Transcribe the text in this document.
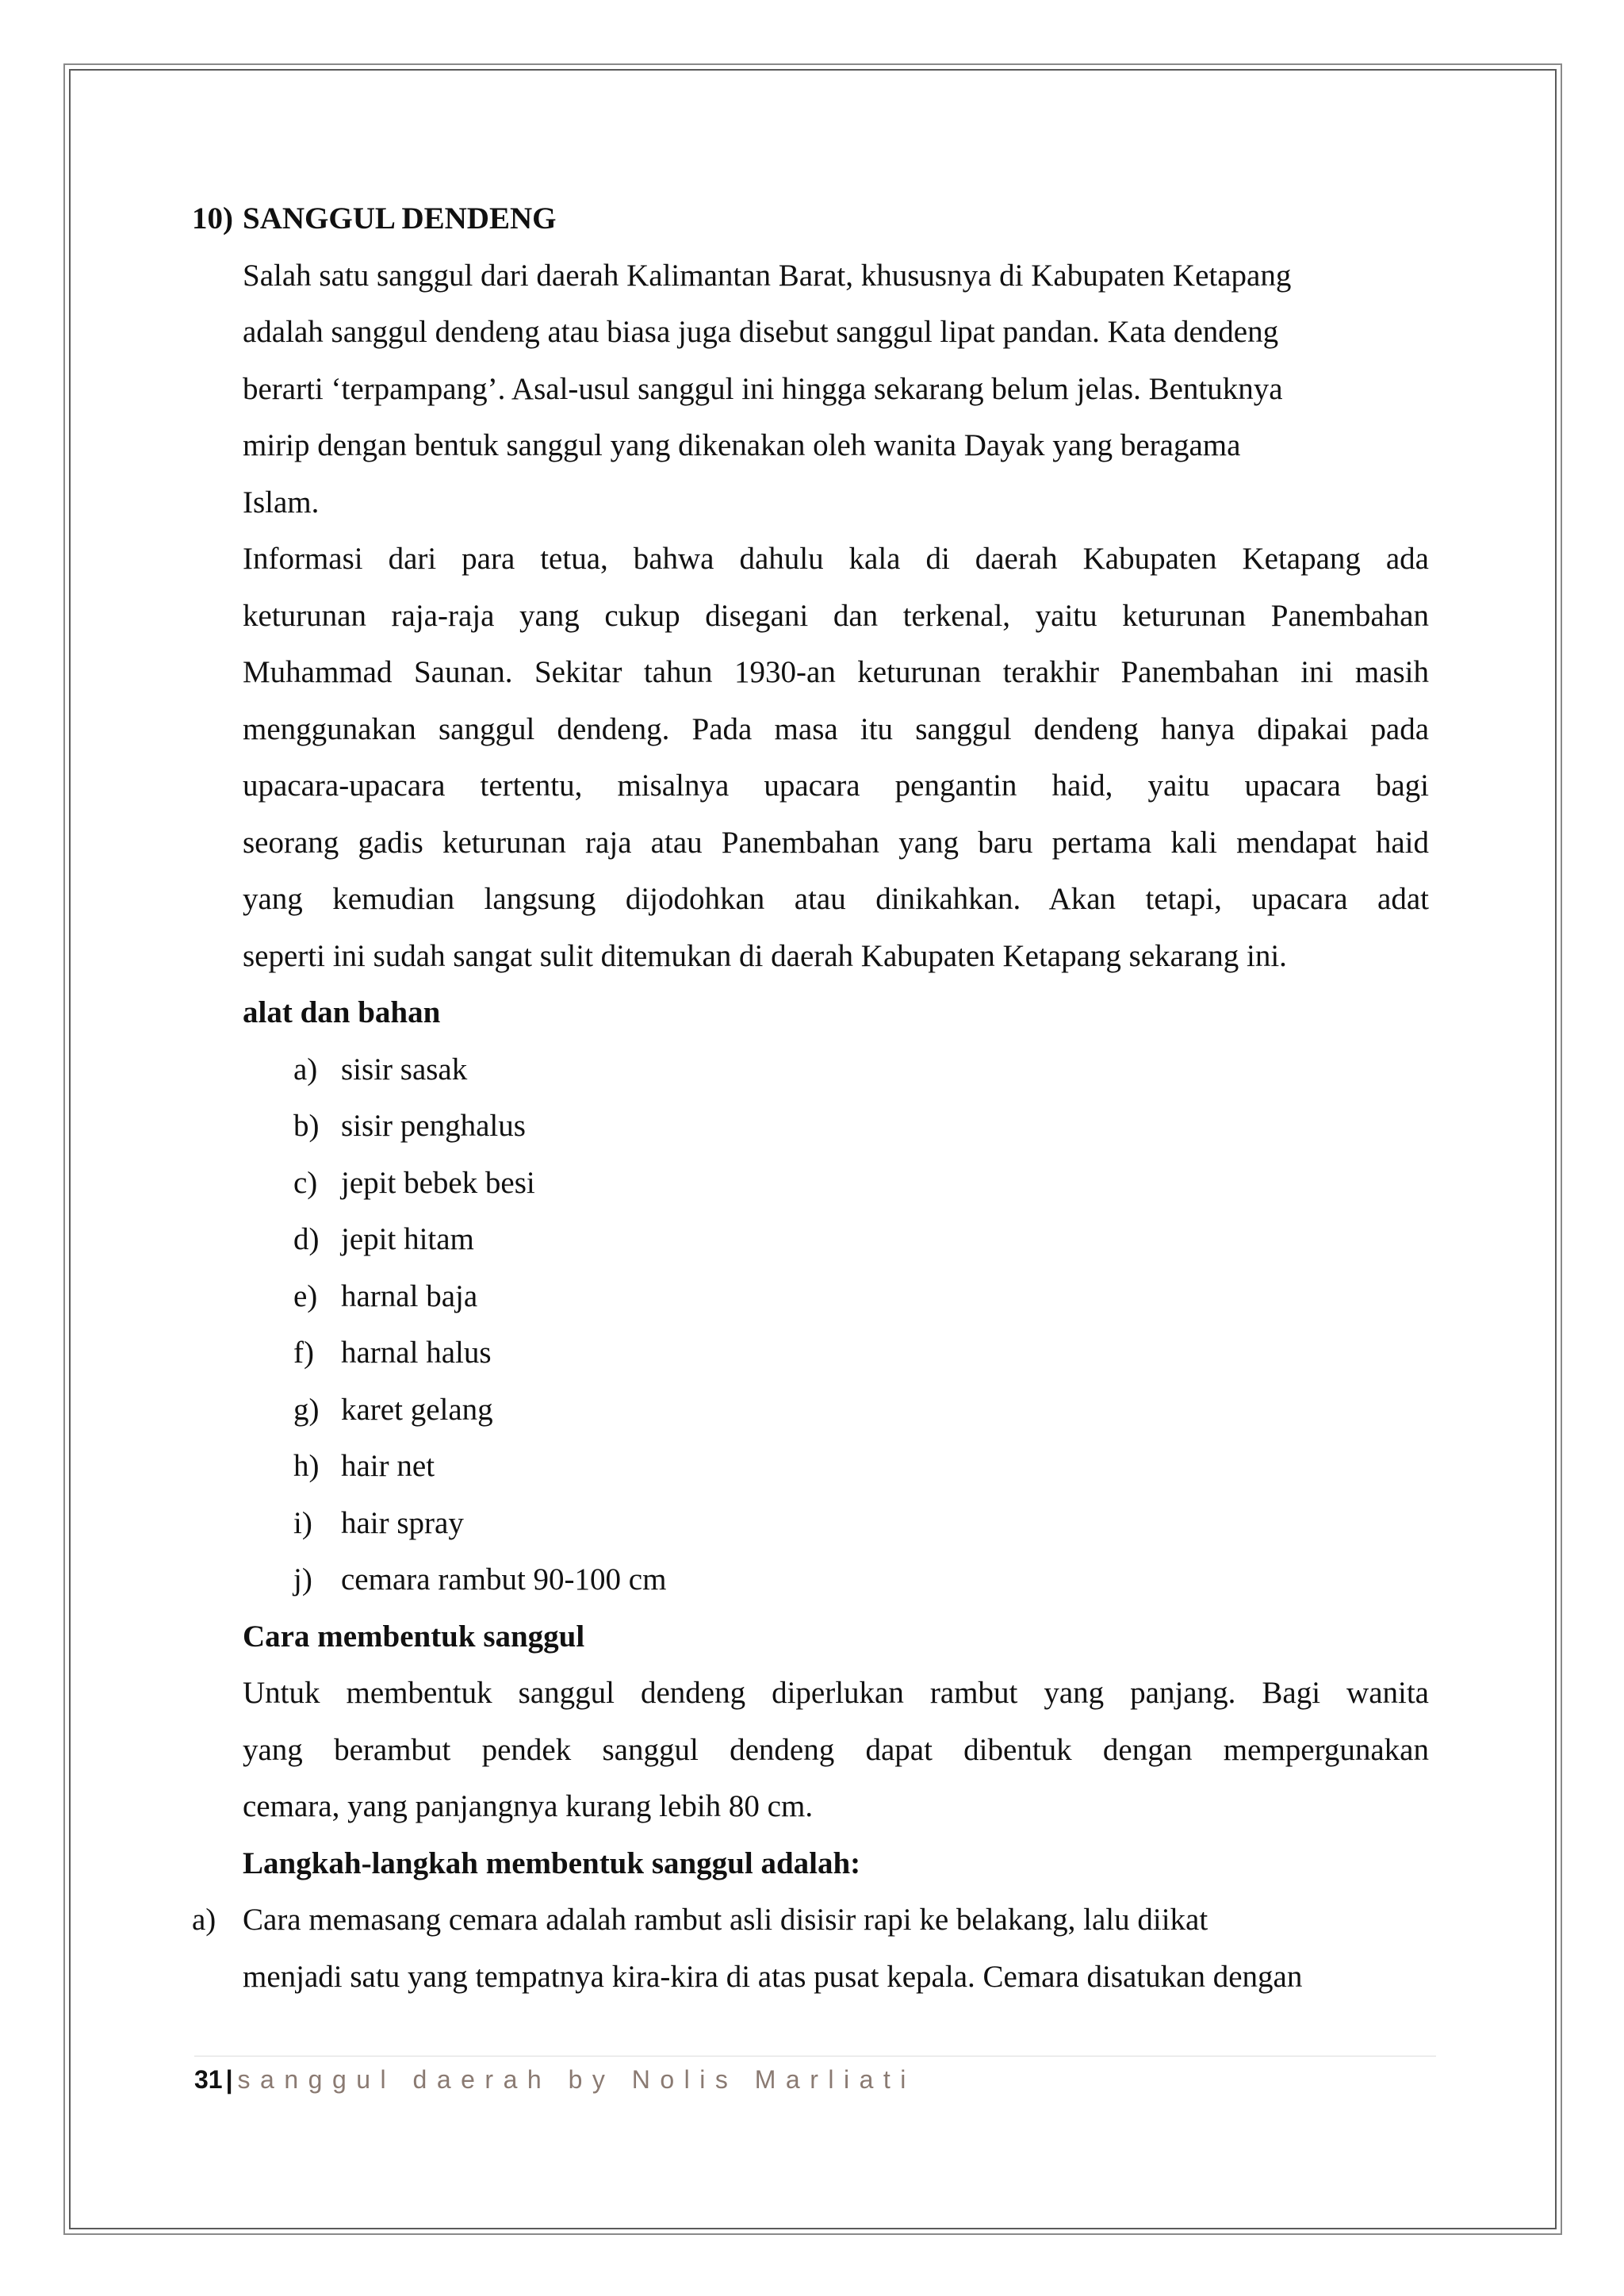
10) SANGGUL DENDENG
Salah satu sanggul dari daerah Kalimantan Barat, khususnya di Kabupaten Ketapang
adalah sanggul dendeng atau biasa juga disebut sanggul lipat pandan. Kata dendeng
berarti ‘terpampang’. Asal-usul sanggul ini hingga sekarang belum jelas. Bentuknya
mirip dengan bentuk sanggul yang dikenakan oleh wanita Dayak yang beragama
Islam.
Informasi dari para tetua, bahwa dahulu kala di daerah Kabupaten Ketapang ada
keturunan raja-raja yang cukup disegani dan terkenal, yaitu keturunan Panembahan
Muhammad Saunan. Sekitar tahun 1930-an keturunan terakhir Panembahan ini masih
menggunakan sanggul dendeng. Pada masa itu sanggul dendeng hanya dipakai pada
upacara-upacara tertentu, misalnya upacara pengantin haid, yaitu upacara bagi
seorang gadis keturunan raja atau Panembahan yang baru pertama kali mendapat haid
yang kemudian langsung dijodohkan atau dinikahkan. Akan tetapi, upacara adat
seperti ini sudah sangat sulit ditemukan di daerah Kabupaten Ketapang sekarang ini.
alat dan bahan
a) sisir sasak
b) sisir penghalus
c) jepit bebek besi
d) jepit hitam
e) harnal baja
f) harnal halus
g) karet gelang
h) hair net
i) hair spray
j) cemara rambut 90-100 cm
Cara membentuk sanggul
Untuk membentuk sanggul dendeng diperlukan rambut yang panjang. Bagi wanita
yang berambut pendek sanggul dendeng dapat dibentuk dengan mempergunakan
cemara, yang panjangnya kurang lebih 80 cm.
Langkah-langkah membentuk sanggul adalah:
a) Cara memasang cemara adalah rambut asli disisir rapi ke belakang, lalu diikat
menjadi satu yang tempatnya kira-kira di atas pusat kepala. Cemara disatukan dengan
31 | sanggul daerah by Nolis Marliati
